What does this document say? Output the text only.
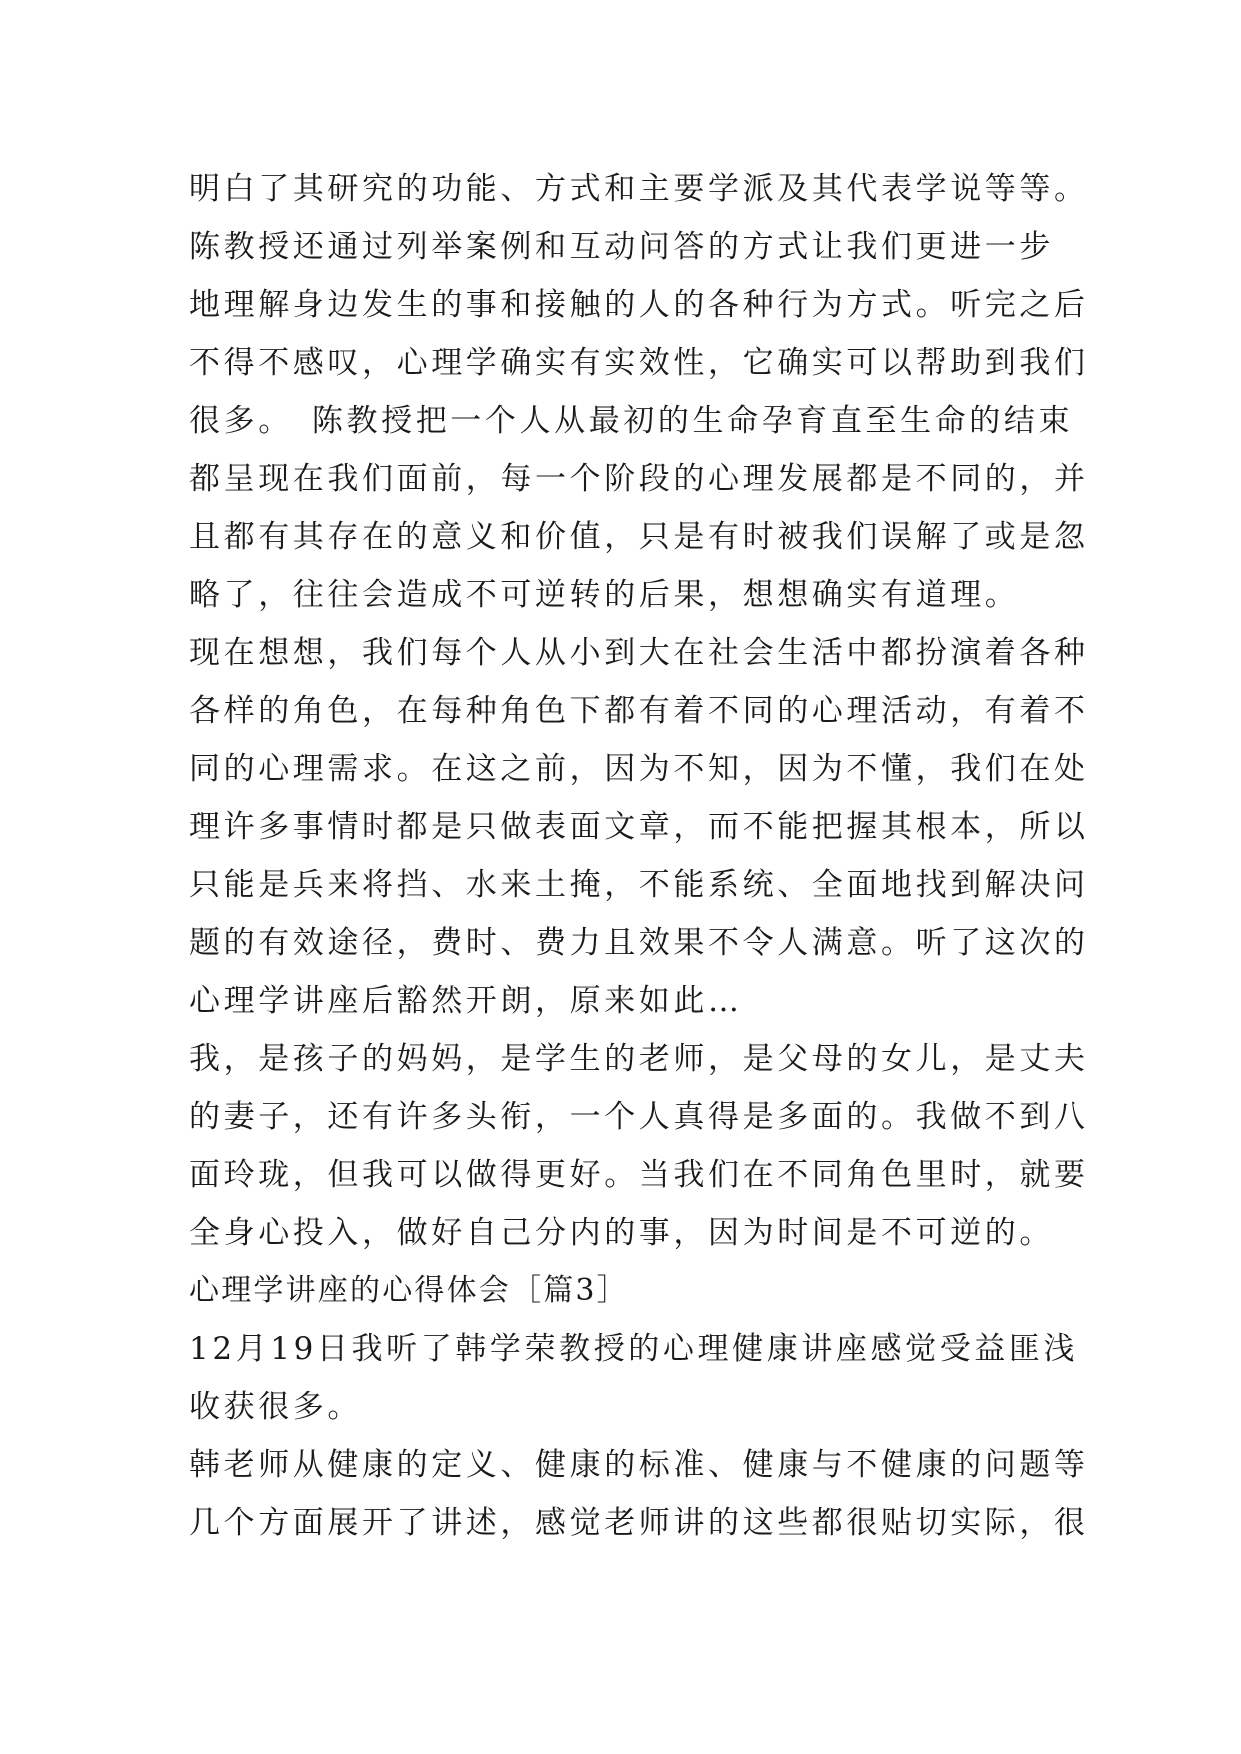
明白了其研究的功能、方式和主要学派及其代表学说等等。
陈教授还通过列举案例和互动问答的方式让我们更进一步
地理解身边发生的事和接触的人的各种行为方式。听完之后
不得不感叹，心理学确实有实效性，它确实可以帮助到我们
很多。　陈教授把一个人从最初的生命孕育直至生命的结束
都呈现在我们面前，每一个阶段的心理发展都是不同的，并
且都有其存在的意义和价值，只是有时被我们误解了或是忽
略了，往往会造成不可逆转的后果，想想确实有道理。
现在想想，我们每个人从小到大在社会生活中都扮演着各种
各样的角色，在每种角色下都有着不同的心理活动，有着不
同的心理需求。在这之前，因为不知，因为不懂，我们在处
理许多事情时都是只做表面文章，而不能把握其根本，所以
只能是兵来将挡、水来土掩，不能系统、全面地找到解决问
题的有效途径，费时、费力且效果不令人满意。听了这次的
心理学讲座后豁然开朗，原来如此…
我，是孩子的妈妈，是学生的老师，是父母的女儿，是丈夫
的妻子，还有许多头衔，一个人真得是多面的。我做不到八
面玲珑，但我可以做得更好。当我们在不同角色里时，就要
全身心投入，做好自己分内的事，因为时间是不可逆的。
心理学讲座的心得体会［篇3］
12月19日我听了韩学荣教授的心理健康讲座感觉受益匪浅
收获很多。
韩老师从健康的定义、健康的标准、健康与不健康的问题等
几个方面展开了讲述，感觉老师讲的这些都很贴切实际，很
